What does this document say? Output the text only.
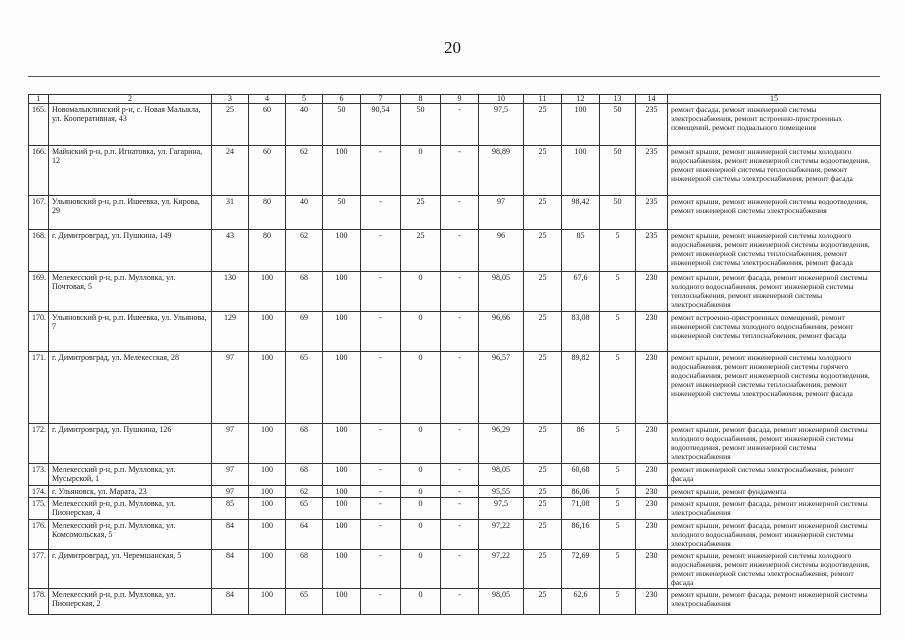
20
1	2	3	4	5	6	7	8	9	10	11	12	13	14	15
165.	Новомалыклинский р-н, с. Новая Малыкла, ул. Кооперативная, 43	25	60	40	50	90,54	50	-	97,5	25	100	50	235	ремонт фасада, ремонт инженерной системы электроснабжения, ремонт встроенно-пристроенных помещений, ремонт подвального помещения
166.	Майнский р-н, р.п. Игнатовка, ул. Гагарина, 12	24	60	62	100	-	0	-	98,89	25	100	50	235	ремонт крыши, ремонт инженерной системы холодного водоснабжения, ремонт инженерной системы водоотведения, ремонт инженерной системы теплоснабжения, ремонт инженерной системы электроснабжения, ремонт фасада
167.	Ульяновский р-н, р.п. Ишеевка, ул. Кирова, 29	31	80	40	50	-	25	-	97	25	98,42	50	235	ремонт крыши, ремонт инженерной системы водоотведения, ремонт инженерной системы электроснабжения
168.	г. Димитровград, ул. Пушкина, 149	43	80	62	100	-	25	-	96	25	85	5	235	ремонт крыши, ремонт инженерной системы холодного водоснабжения, ремонт инженерной системы водоотведения, ремонт инженерной системы теплоснабжения, ремонт инженерной системы электроснабжения, ремонт фасада
169.	Мелекесский р-н, р.п. Мулловка, ул. Почтовая, 5	130	100	68	100	-	0	-	98,05	25	67,6	5	230	ремонт крыши, ремонт фасада, ремонт инженерной системы холодного водоснабжения, ремонт инженерной системы теплоснабжения, ремонт инженерной системы электроснабжения
170.	Ульяновский р-н, р.п. Ишеевка, ул. Ульянова, 7	129	100	69	100	-	0	-	96,66	25	83,08	5	230	ремонт встроенно-пристроенных помещений, ремонт инженерной системы холодного водоснабжения, ремонт инженерной системы теплоснабжения, ремонт фасада
171.	г. Димитровград, ул. Мелекесская, 28	97	100	65	100	-	0	-	96,57	25	89,82	5	230	ремонт крыши, ремонт инженерной системы холодного водоснабжения, ремонт инженерной системы горячего водоснабжения, ремонт инженерной системы водоотведения, ремонт инженерной системы теплоснабжения, ремонт инженерной системы электроснабжения, ремонт фасада
172.	г. Димитровград, ул. Пушкина, 126	97	100	68	100	-	0	-	96,29	25	86	5	230	ремонт крыши, ремонт фасада, ремонт инженерной системы холодного водоснабжения, ремонт инженерной системы водоотведения, ремонт инженерной системы электроснабжения
173.	Мелекесский р-н, р.п. Мулловка, ул. Мусырской, 1	97	100	68	100	-	0	-	98,05	25	60,68	5	230	ремонт инженерной системы электроснабжения, ремонт фасада
174.	г. Ульяновск, ул. Марата, 23	97	100	62	100	-	0	-	95,55	25	86,06	5	230	ремонт крыши, ремонт фундамента
175.	Мелекесский р-н, р.п. Мулловка, ул. Пионерская, 4	85	100	65	100	-	0	-	97,5	25	71,08	5	230	ремонт крыши, ремонт фасада, ремонт инженерной системы электроснабжения
176.	Мелекесский р-н, р.п. Мулловка, ул. Комсомольская, 5	84	100	64	100	-	0	-	97,22	25	86,16	5	230	ремонт крыши, ремонт фасада, ремонт инженерной системы холодного водоснабжения, ремонт инженерной системы электроснабжения
177.	г. Димитровград, ул. Черемшанская, 5	84	100	68	100	-	0	-	97,22	25	72,69	5	230	ремонт крыши, ремонт инженерной системы холодного водоснабжения, ремонт инженерной системы водоотведения, ремонт инженерной системы электроснабжения, ремонт фасада
178.	Мелекесский р-н, р.п. Мулловка, ул. Пионерская, 2	84	100	65	100	-	0	-	98,05	25	62,6	5	230	ремонт крыши, ремонт фасада, ремонт инженерной системы электроснабжения
